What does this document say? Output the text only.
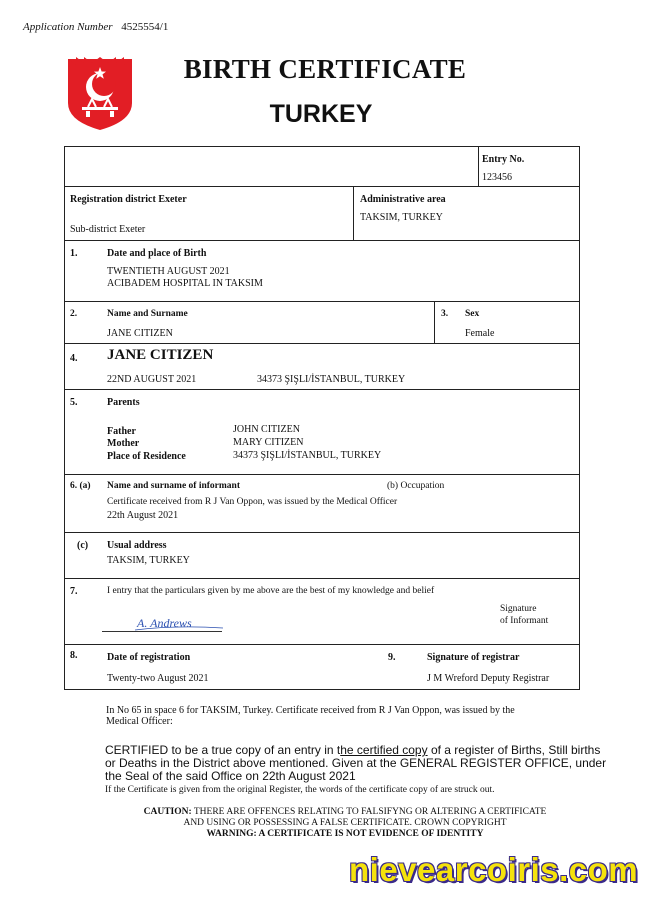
Application Number 4525554/1
BIRTH CERTIFICATE
TURKEY
Entry No.
123456
Registration district Exeter
Sub-district Exeter
Administrative area
TAKSIM, TURKEY
1.	Date and place of Birth
TWENTIETH AUGUST 2021
ACIBADEM HOSPITAL IN TAKSIM
2.	Name and Surname
JANE CITIZEN
3. Sex
Female
4. JANE CITIZEN
22ND AUGUST 2021	34373 ŞIŞLI/İSTANBUL, TURKEY
5.	Parents
Father	JOHN CITIZEN
Mother	MARY CITIZEN
Place of Residence	34373 ŞIŞLI/İSTANBUL, TURKEY
6. (a) Name and surname of informant	(b) Occupation
Certificate received from R J Van Oppon, was issued by the Medical Officer
22th August 2021
(c) Usual address
TAKSIM, TURKEY
7.	I entry that the particulars given by me above are the best of my knowledge and belief
Signature
of Informant
A. Andrews
8.	Date of registration
Twenty-two August 2021
9.	Signature of registrar
J M Wreford Deputy Registrar
In No 65 in space 6 for TAKSIM, Turkey. Certificate received from R J Van Oppon, was issued by the
Medical Officer:
CERTIFIED to be a true copy of an entry in the certified copy of a register of Births, Still births
or Deaths in the District above mentioned. Given at the GENERAL REGISTER OFFICE, under
the Seal of the said Office on 22th August 2021
If the Certificate is given from the original Register, the words of the certificate copy of are struck out.
CAUTION: THERE ARE OFFENCES RELATING TO FALSIFYNG OR ALTERING A CERTIFICATE
AND USING OR POSSESSING A FALSE CERTIFICATE. CROWN COPYRIGHT
WARNING: A CERTIFICATE IS NOT EVIDENCE OF IDENTITY
nievearcoiris.com
